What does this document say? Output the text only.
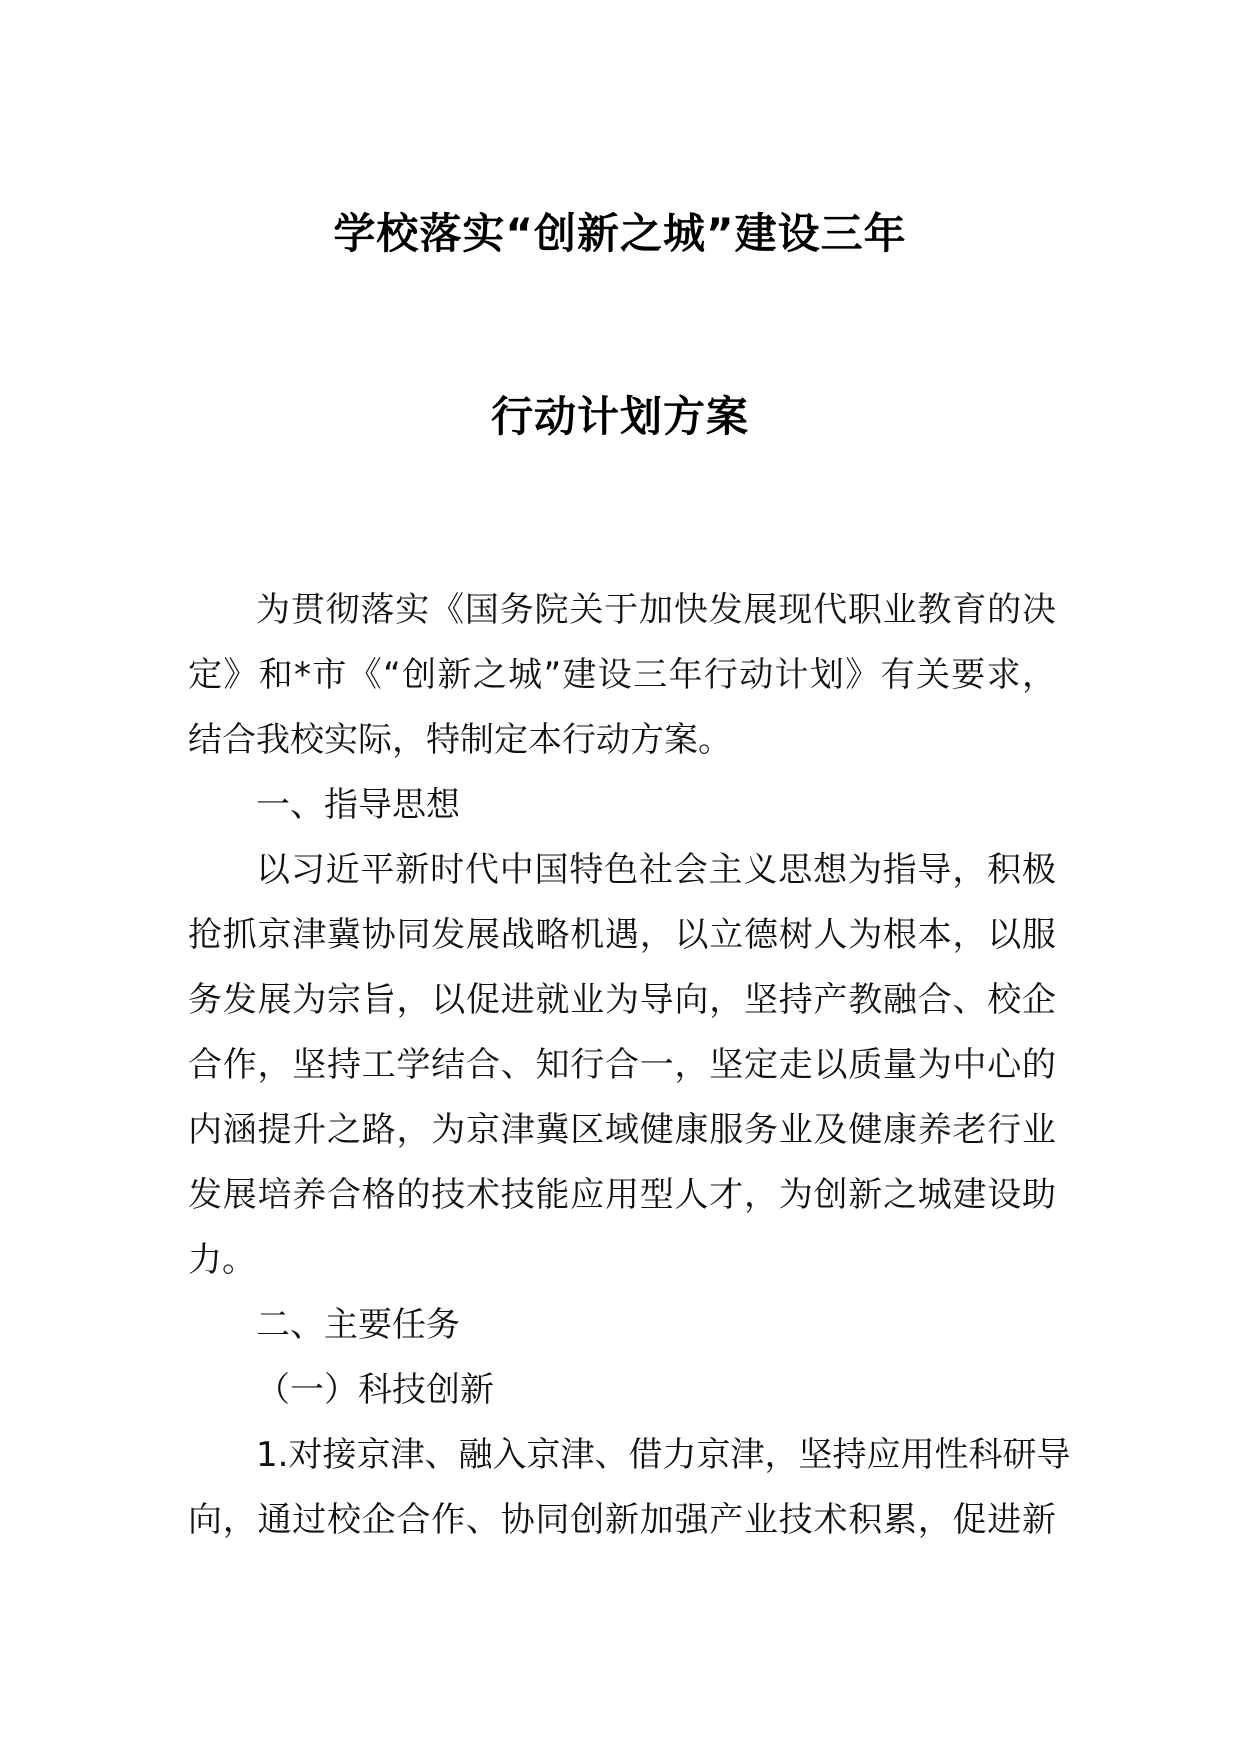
学校落实“创新之城”建设三年
行动计划方案
为贯彻落实《国务院关于加快发展现代职业教育的决
定》和*市《“创新之城”建设三年行动计划》有关要求，
结合我校实际，特制定本行动方案。
一、指导思想
以习近平新时代中国特色社会主义思想为指导，积极
抢抓京津冀协同发展战略机遇，以立德树人为根本，以服
务发展为宗旨，以促进就业为导向，坚持产教融合、校企
合作，坚持工学结合、知行合一，坚定走以质量为中心的
内涵提升之路，为京津冀区域健康服务业及健康养老行业
发展培养合格的技术技能应用型人才，为创新之城建设助
力。
二、主要任务
（一）科技创新
1.对接京津、融入京津、借力京津，坚持应用性科研导
向，通过校企合作、协同创新加强产业技术积累，促进新
